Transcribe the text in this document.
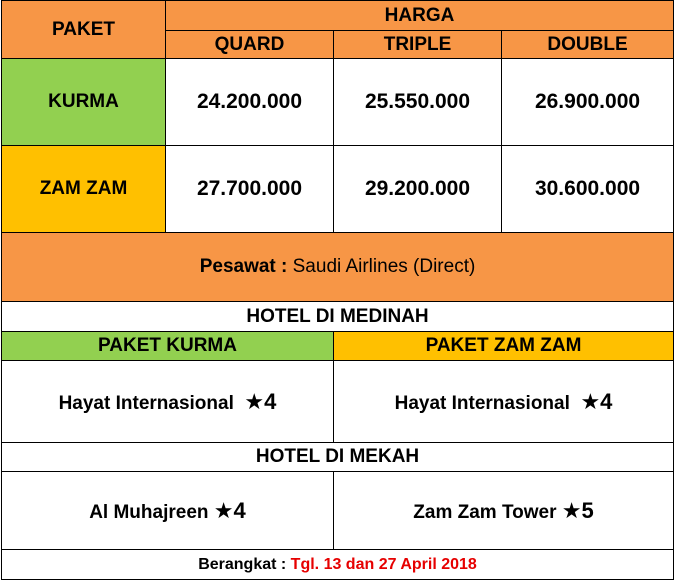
PAKET	HARGA		
	QUARD	TRIPLE	DOUBLE
KURMA	24.200.000	25.550.000	26.900.000
ZAM ZAM	27.700.000	29.200.000	30.600.000
Pesawat : Saudi Airlines (Direct)			
HOTEL DI MEDINAH			
PAKET KURMA		PAKET ZAM ZAM	
Hayat Internasional ★4		Hayat Internasional ★4	
HOTEL DI MEKAH			
Al Muhajreen ★4		Zam Zam Tower ★5	
Berangkat : Tgl. 13 dan 27 April 2018			
